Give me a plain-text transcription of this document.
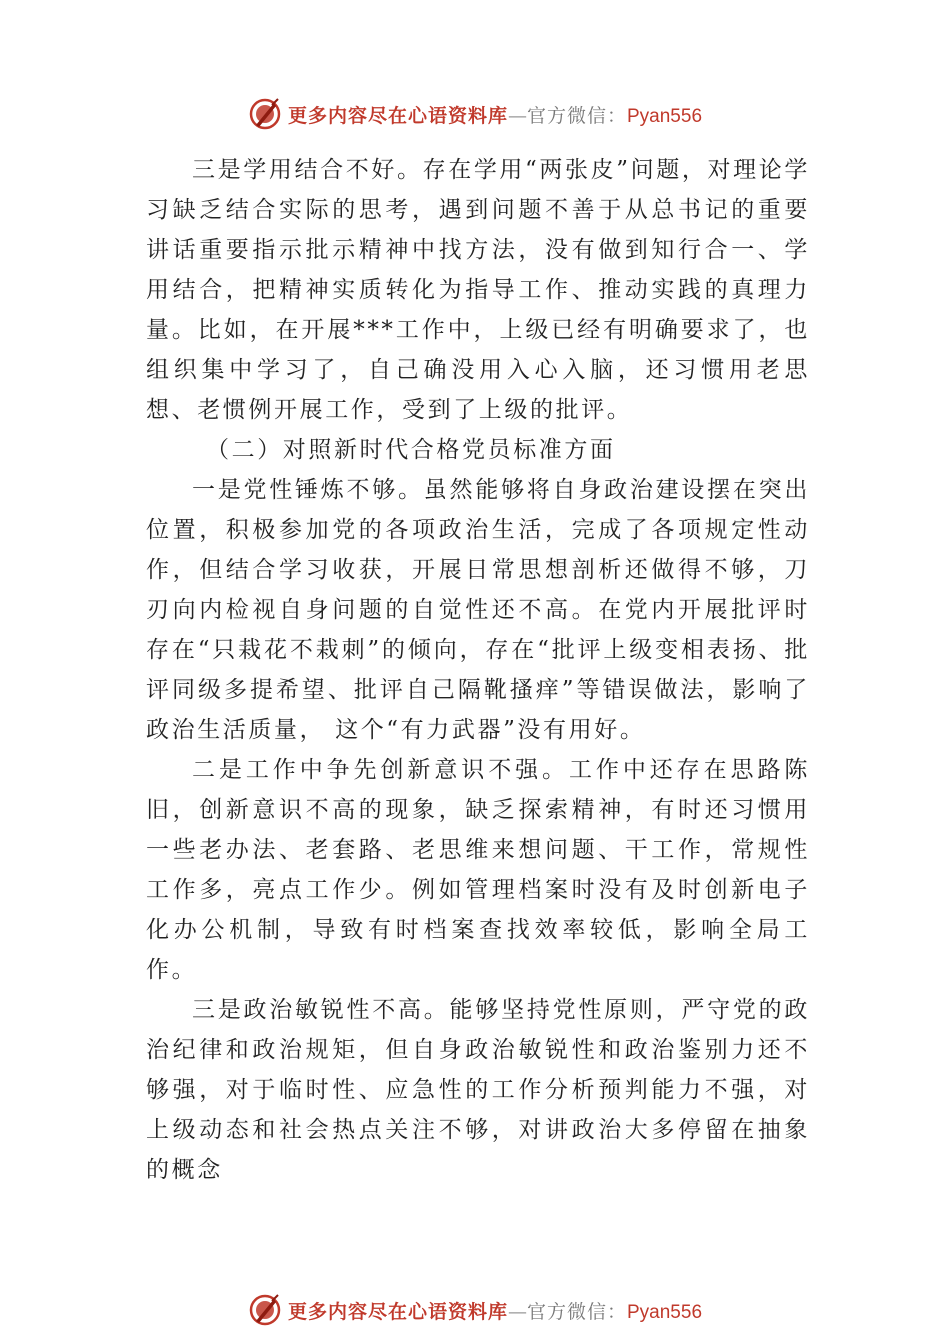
更多内容尽在心语资料库—官方微信：Pyan556

三是学用结合不好。存在学用“两张皮”问题，对理论学习缺乏结合实际的思考，遇到问题不善于从总书记的重要讲话重要指示批示精神中找方法，没有做到知行合一、学用结合，把精神实质转化为指导工作、推动实践的真理力量。比如，在开展***工作中，上级已经有明确要求了，也组织集中学习了，自己确没用入心入脑，还习惯用老思想、老惯例开展工作，受到了上级的批评。

（二）对照新时代合格党员标准方面

一是党性锤炼不够。虽然能够将自身政治建设摆在突出位置，积极参加党的各项政治生活，完成了各项规定性动作，但结合学习收获，开展日常思想剖析还做得不够，刀刃向内检视自身问题的自觉性还不高。在党内开展批评时存在“只栽花不栽刺”的倾向，存在“批评上级变相表扬、批评同级多提希望、批评自己隔靴搔痒”等错误做法，影响了政治生活质量， 这个“有力武器”没有用好。

二是工作中争先创新意识不强。工作中还存在思路陈旧，创新意识不高的现象，缺乏探索精神，有时还习惯用一些老办法、老套路、老思维来想问题、干工作，常规性工作多，亮点工作少。例如管理档案时没有及时创新电子化办公机制，导致有时档案查找效率较低，影响全局工作。

三是政治敏锐性不高。能够坚持党性原则，严守党的政治纪律和政治规矩，但自身政治敏锐性和政治鉴别力还不够强，对于临时性、应急性的工作分析预判能力不强，对上级动态和社会热点关注不够，对讲政治大多停留在抽象的概念

更多内容尽在心语资料库—官方微信：Pyan556
